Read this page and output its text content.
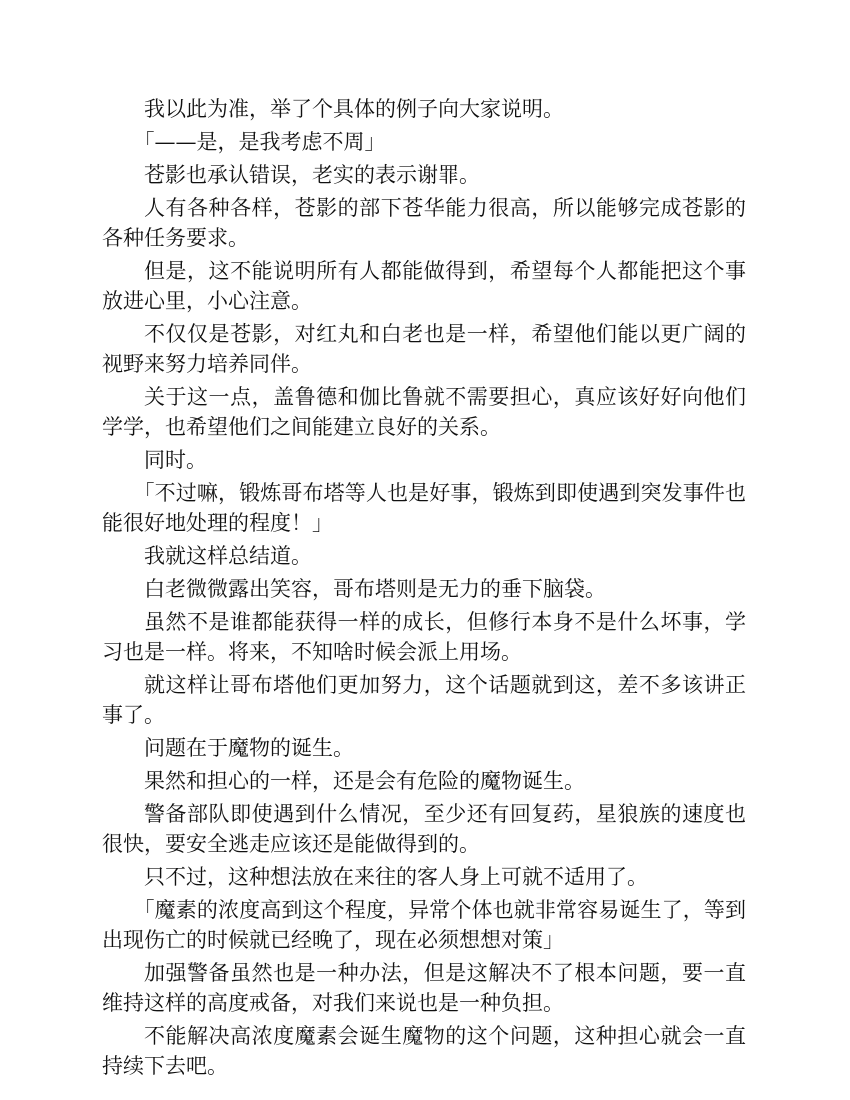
我以此为准，举了个具体的例子向大家说明。

「——是，是我考虑不周」

苍影也承认错误，老实的表示谢罪。

人有各种各样，苍影的部下苍华能力很高，所以能够完成苍影的各种任务要求。

但是，这不能说明所有人都能做得到，希望每个人都能把这个事放进心里，小心注意。

不仅仅是苍影，对红丸和白老也是一样，希望他们能以更广阔的视野来努力培养同伴。

关于这一点，盖鲁德和伽比鲁就不需要担心，真应该好好向他们学学，也希望他们之间能建立良好的关系。

同时。

「不过嘛，锻炼哥布塔等人也是好事，锻炼到即使遇到突发事件也能很好地处理的程度！」

我就这样总结道。

白老微微露出笑容，哥布塔则是无力的垂下脑袋。

虽然不是谁都能获得一样的成长，但修行本身不是什么坏事，学习也是一样。将来，不知啥时候会派上用场。

就这样让哥布塔他们更加努力，这个话题就到这，差不多该讲正事了。

问题在于魔物的诞生。

果然和担心的一样，还是会有危险的魔物诞生。

警备部队即使遇到什么情况，至少还有回复药，星狼族的速度也很快，要安全逃走应该还是能做得到的。

只不过，这种想法放在来往的客人身上可就不适用了。

「魔素的浓度高到这个程度，异常个体也就非常容易诞生了，等到出现伤亡的时候就已经晚了，现在必须想想对策」

加强警备虽然也是一种办法，但是这解决不了根本问题，要一直维持这样的高度戒备，对我们来说也是一种负担。

不能解决高浓度魔素会诞生魔物的这个问题，这种担心就会一直持续下去吧。
